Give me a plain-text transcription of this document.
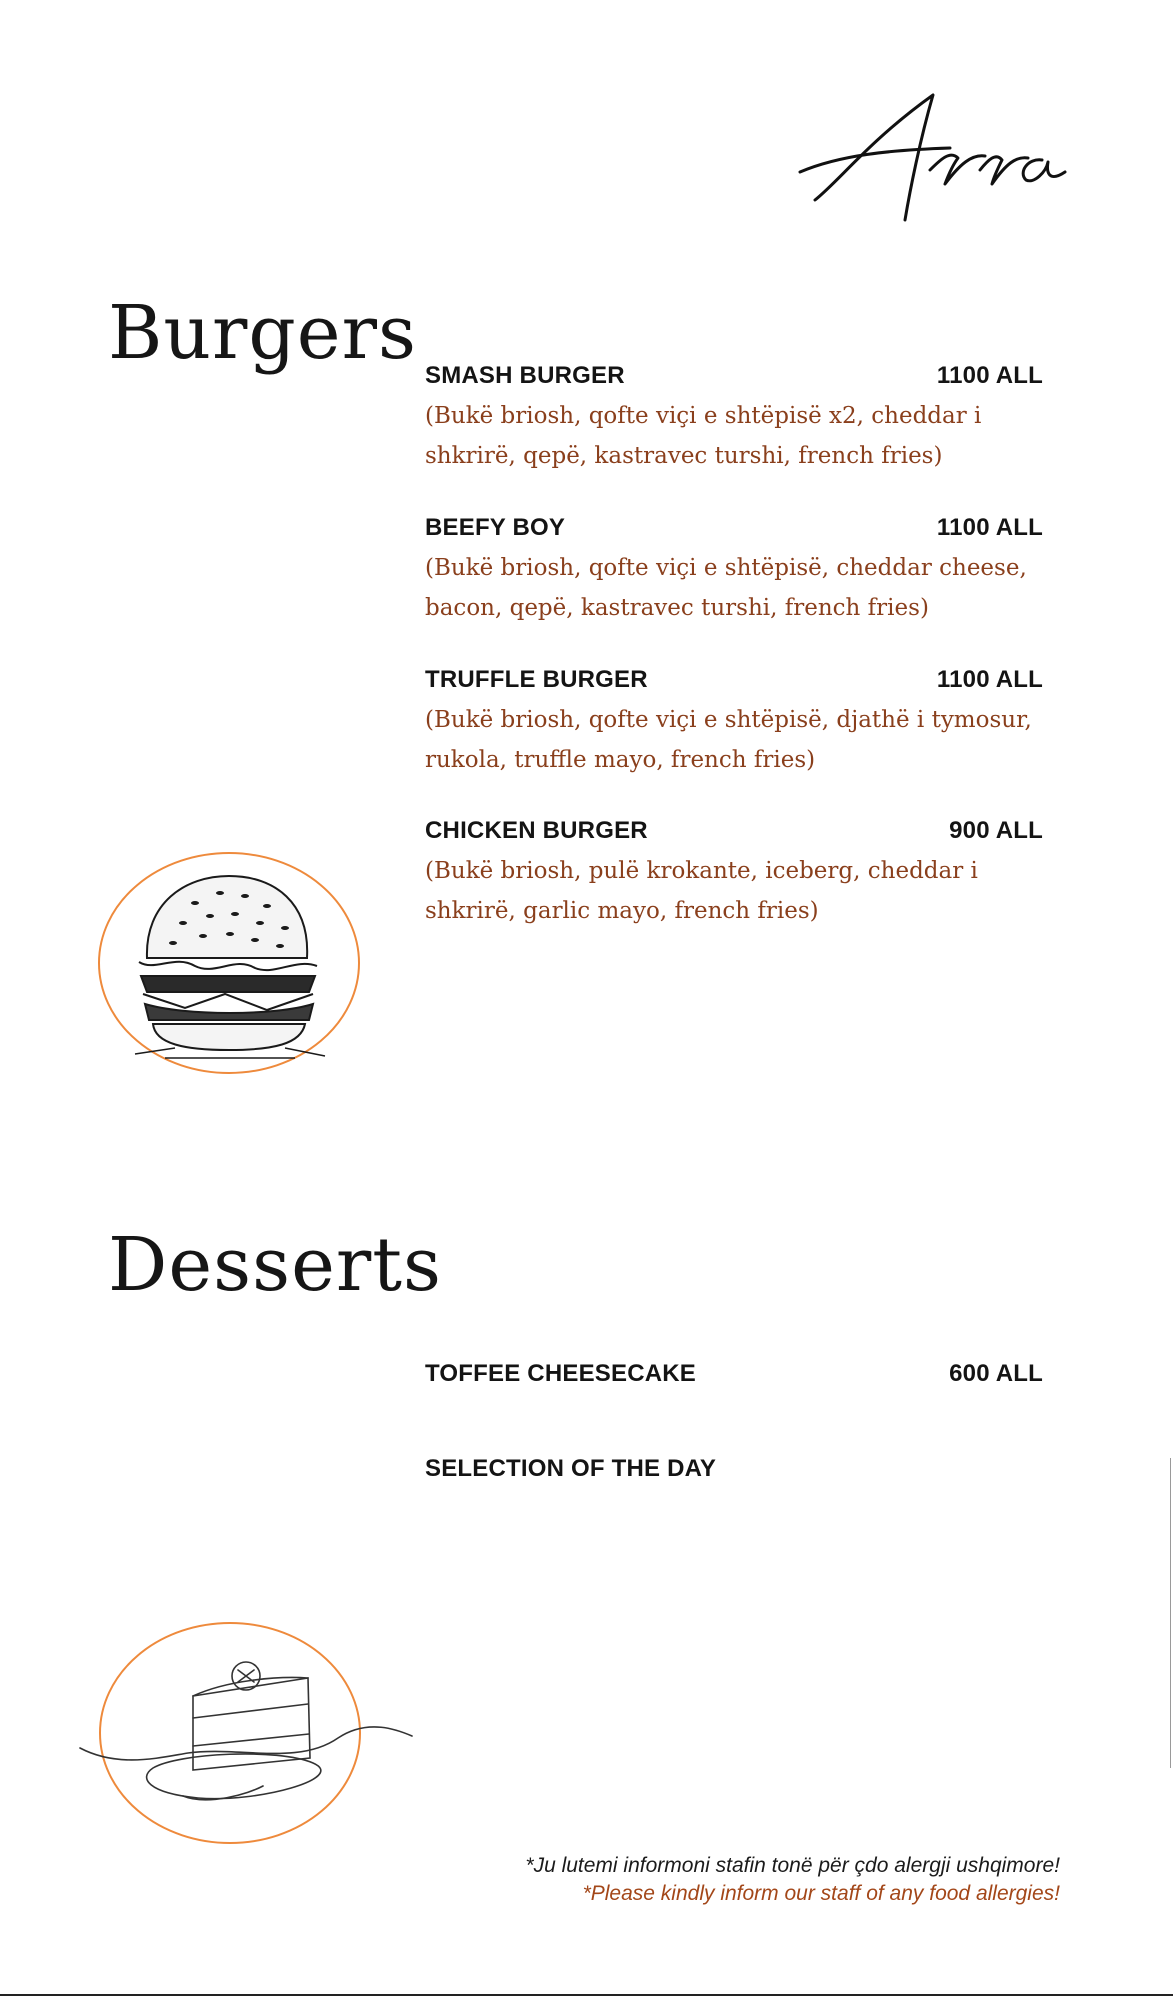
Burgers SMASH BURGER	1100 ALL
(Bukë briosh, qofte viçi e shtëpisë x2, cheddar i shkrirë, qepë, kastravec turshi, french fries)
BEEFY BOY	1100 ALL
(Bukë briosh, qofte viçi e shtëpisë, cheddar cheese, bacon, qepë, kastravec turshi, french fries)
TRUFFLE BURGER	1100 ALL
(Bukë briosh, qofte viçi e shtëpisë, djathë i tymosur, rukola, truffle mayo, french fries)
CHICKEN BURGER	900 ALL
(Bukë briosh, pulë krokante, iceberg, cheddar i shkrirë, garlic mayo, french fries)
Desserts
TOFFEE CHEESECAKE	600 ALL
SELECTION OF THE DAY
*Ju lutemi informoni stafin tonë për çdo alergji ushqimore!
*Please kindly inform our staff of any food allergies!
